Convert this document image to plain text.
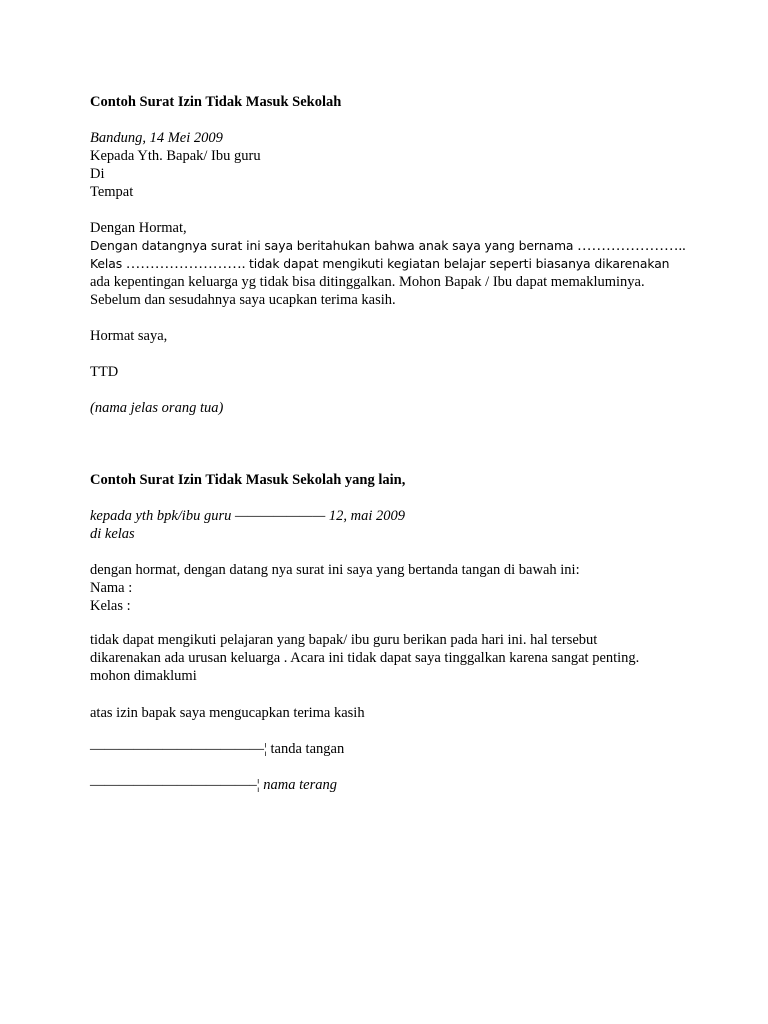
Contoh Surat Izin Tidak Masuk Sekolah
Bandung, 14 Mei 2009
Kepada Yth. Bapak/ Ibu guru
Di
Tempat
Dengan Hormat,
Dengan datangnya surat ini saya beritahukan bahwa anak saya yang bernama …………………..
Kelas ……………………. tidak dapat mengikuti kegiatan belajar seperti biasanya dikarenakan
ada kepentingan keluarga yg tidak bisa ditinggalkan. Mohon Bapak / Ibu dapat memakluminya.
Sebelum dan sesudahnya saya ucapkan terima kasih.
Hormat saya,
TTD
(nama jelas orang tua)
Contoh Surat Izin Tidak Masuk Sekolah yang lain,
kepada yth bpk/ibu guru ——————— 12, mai 2009
di kelas
dengan hormat, dengan datang nya surat ini saya yang bertanda tangan di bawah ini:
Nama :
Kelas :
tidak dapat mengikuti pelajaran yang bapak/ ibu guru berikan pada hari ini. hal tersebut
dikarenakan ada urusan keluarga . Acara ini tidak dapat saya tinggalkan karena sangat penting.
mohon dimaklumi
atas izin bapak saya mengucapkan terima kasih
————————————¦ tanda tangan
———————————–¦ nama terang
